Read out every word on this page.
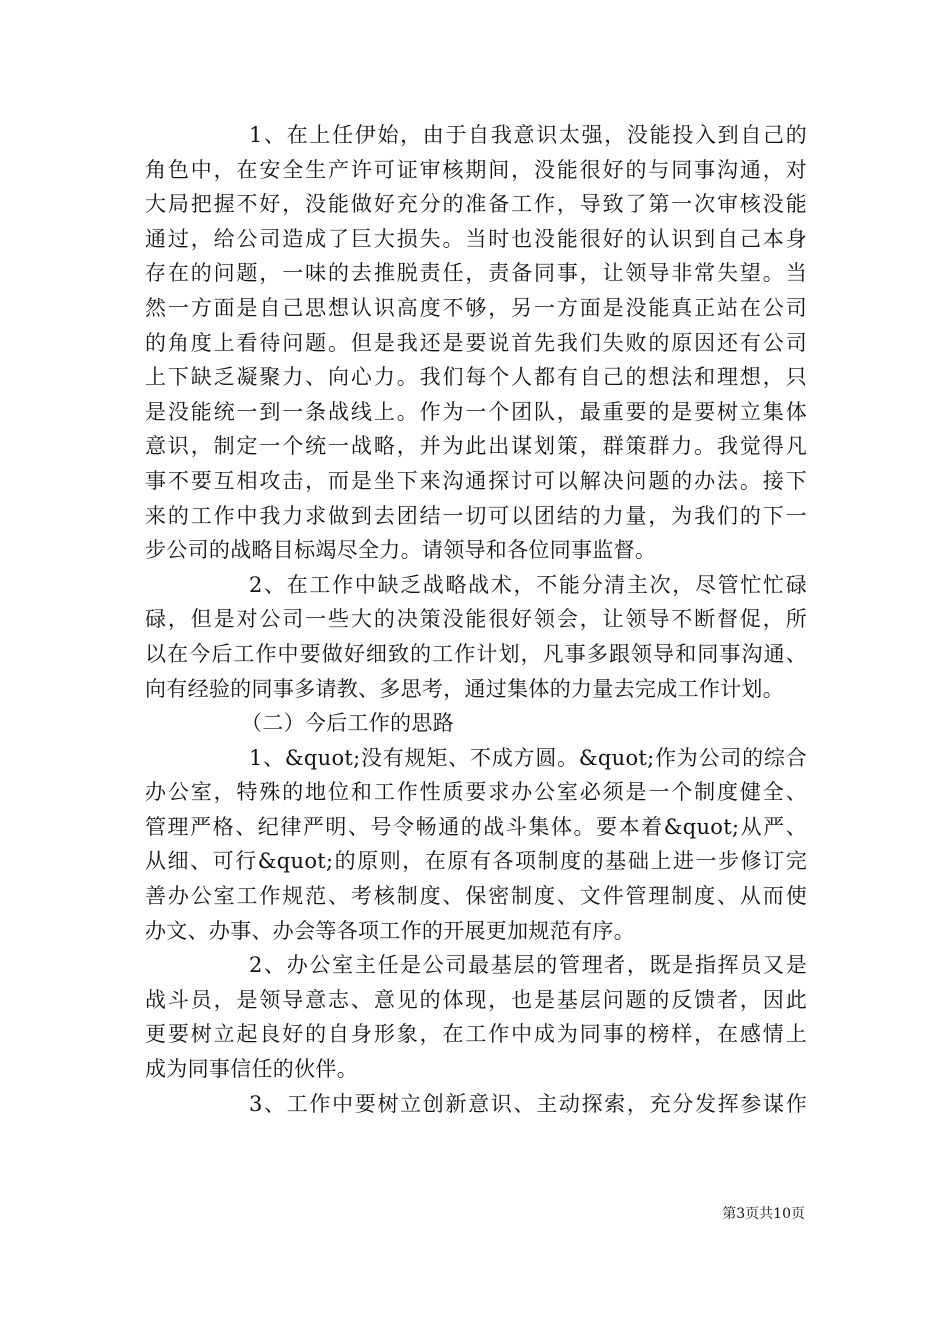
1、在上任伊始，由于自我意识太强，没能投入到自己的
角色中，在安全生产许可证审核期间，没能很好的与同事沟通，对
大局把握不好，没能做好充分的准备工作，导致了第一次审核没能
通过，给公司造成了巨大损失。当时也没能很好的认识到自己本身
存在的问题，一味的去推脱责任，责备同事，让领导非常失望。当
然一方面是自己思想认识高度不够，另一方面是没能真正站在公司
的角度上看待问题。但是我还是要说首先我们失败的原因还有公司
上下缺乏凝聚力、向心力。我们每个人都有自己的想法和理想，只
是没能统一到一条战线上。作为一个团队，最重要的是要树立集体
意识，制定一个统一战略，并为此出谋划策，群策群力。我觉得凡
事不要互相攻击，而是坐下来沟通探讨可以解决问题的办法。接下
来的工作中我力求做到去团结一切可以团结的力量，为我们的下一
步公司的战略目标竭尽全力。请领导和各位同事监督。
2、在工作中缺乏战略战术，不能分清主次，尽管忙忙碌
碌，但是对公司一些大的决策没能很好领会，让领导不断督促，所
以在今后工作中要做好细致的工作计划，凡事多跟领导和同事沟通、
向有经验的同事多请教、多思考，通过集体的力量去完成工作计划。
（二）今后工作的思路
1、&quot;没有规矩、不成方圆。&quot;作为公司的综合
办公室，特殊的地位和工作性质要求办公室必须是一个制度健全、
管理严格、纪律严明、号令畅通的战斗集体。要本着&quot;从严、
从细、可行&quot;的原则，在原有各项制度的基础上进一步修订完
善办公室工作规范、考核制度、保密制度、文件管理制度、从而使
办文、办事、办会等各项工作的开展更加规范有序。
2、办公室主任是公司最基层的管理者，既是指挥员又是
战斗员，是领导意志、意见的体现，也是基层问题的反馈者，因此
更要树立起良好的自身形象，在工作中成为同事的榜样，在感情上
成为同事信任的伙伴。
3、工作中要树立创新意识、主动探索，充分发挥参谋作
第3页共10页
